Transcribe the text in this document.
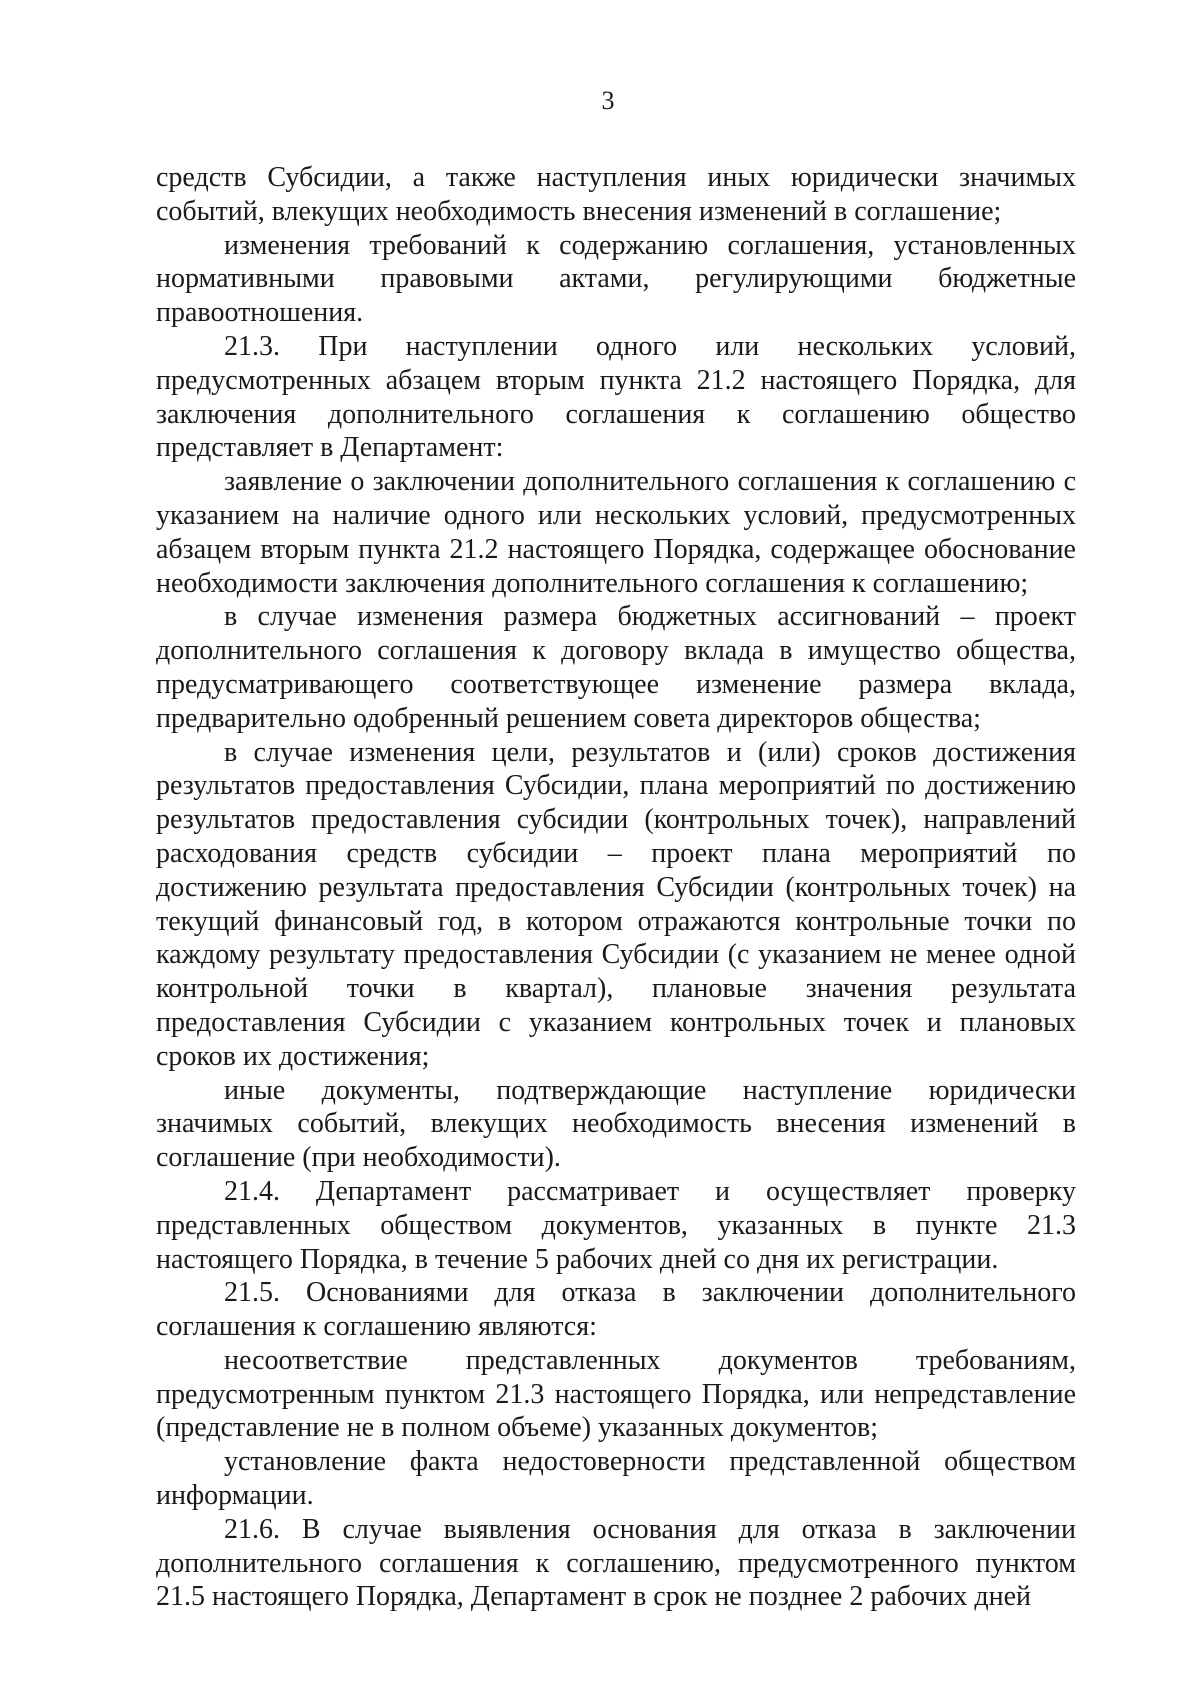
3

средств Субсидии, а также наступления иных юридически значимых событий, влекущих необходимость внесения изменений в соглашение;

изменения требований к содержанию соглашения, установленных нормативными правовыми актами, регулирующими бюджетные правоотношения.

21.3. При наступлении одного или нескольких условий, предусмотренных абзацем вторым пункта 21.2 настоящего Порядка, для заключения дополнительного соглашения к соглашению общество представляет в Департамент:

заявление о заключении дополнительного соглашения к соглашению с указанием на наличие одного или нескольких условий, предусмотренных абзацем вторым пункта 21.2 настоящего Порядка, содержащее обоснование необходимости заключения дополнительного соглашения к соглашению;

в случае изменения размера бюджетных ассигнований – проект дополнительного соглашения к договору вклада в имущество общества, предусматривающего соответствующее изменение размера вклада, предварительно одобренный решением совета директоров общества;

в случае изменения цели, результатов и (или) сроков достижения результатов предоставления Субсидии, плана мероприятий по достижению результатов предоставления субсидии (контрольных точек), направлений расходования средств субсидии – проект плана мероприятий по достижению результата предоставления Субсидии (контрольных точек) на текущий финансовый год, в котором отражаются контрольные точки по каждому результату предоставления Субсидии (с указанием не менее одной контрольной точки в квартал), плановые значения результата предоставления Субсидии с указанием контрольных точек и плановых сроков их достижения;

иные документы, подтверждающие наступление юридически значимых событий, влекущих необходимость внесения изменений в соглашение (при необходимости).

21.4. Департамент рассматривает и осуществляет проверку представленных обществом документов, указанных в пункте 21.3 настоящего Порядка, в течение 5 рабочих дней со дня их регистрации.

21.5. Основаниями для отказа в заключении дополнительного соглашения к соглашению являются:

несоответствие представленных документов требованиям, предусмотренным пунктом 21.3 настоящего Порядка, или непредставление (представление не в полном объеме) указанных документов;

установление факта недостоверности представленной обществом информации.

21.6. В случае выявления основания для отказа в заключении дополнительного соглашения к соглашению, предусмотренного пунктом 21.5 настоящего Порядка, Департамент в срок не позднее 2 рабочих дней
